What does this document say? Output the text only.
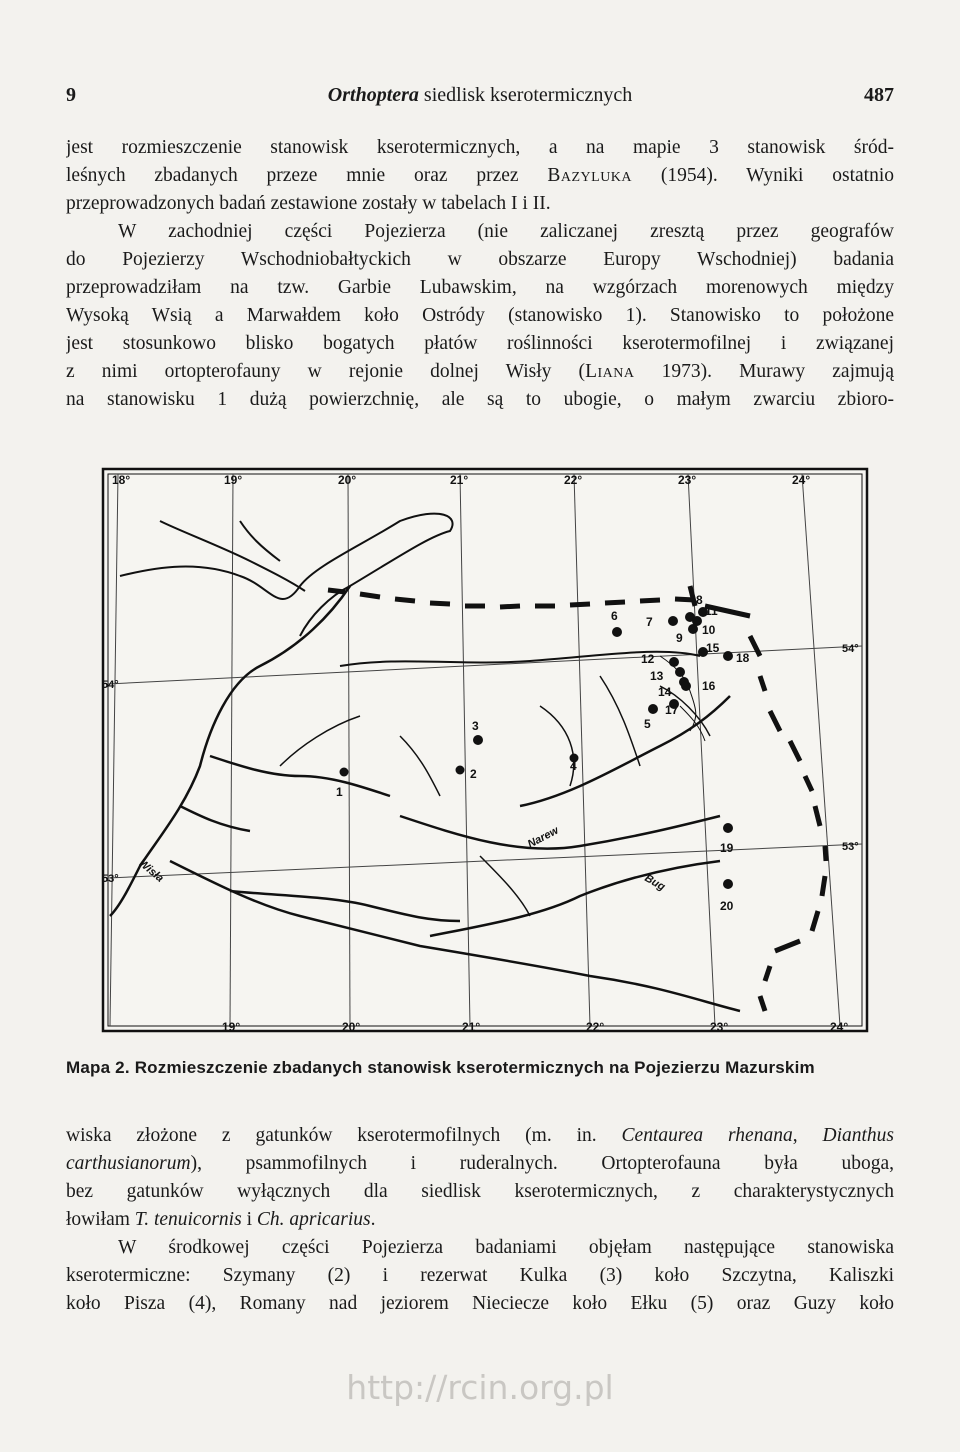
9	Orthoptera siedlisk kserotermicznych	487
jest rozmieszczenie stanowisk kserotermicznych, a na mapie 3 stanowisk śród-
leśnych zbadanych przeze mnie oraz przez Bazyluka (1954). Wyniki ostatnio
przeprowadzonych badań zestawione zostały w tabelach I i II.
W zachodniej części Pojezierza (nie zaliczanej zresztą przez geografów
do Pojezierzy Wschodniobałtyckich w obszarze Europy Wschodniej) badania
przeprowadziłam na tzw. Garbie Lubawskim, na wzgórzach morenowych między
Wysoką Wsią a Marwałdem koło Ostródy (stanowisko 1). Stanowisko to położone
jest stosunkowo blisko bogatych płatów roślinności kserotermofilnej i związanej
z nimi ortopterofauny w rejonie dolnej Wisły (Liana 1973). Murawy zajmują
na stanowisku 1 dużą powierzchnię, ale są to ubogie, o małym zwarciu zbioro-
18°	19°	20°	21°	22°	23°	24°
19°	20°	21°	22°	23°	24°
54°
54°
53°
53°
1
2
3
4
5
6 7
8
9
10
11
12
13
14
15
16
17
18
19
20
Wisła
Narew
Bug
Mapa 2. Rozmieszczenie zbadanych stanowisk kserotermicznych na Pojezierzu Mazurskim
wiska złożone z gatunków kserotermofilnych (m. in. Centaurea rhenana, Dianthus
carthusianorum), psammofilnych i ruderalnych. Ortopterofauna była uboga,
bez gatunków wyłącznych dla siedlisk kserotermicznych, z charakterystycznych
łowiłam T. tenuicornis i Ch. apricarius.
W środkowej części Pojezierza badaniami objęłam następujące stanowiska
kserotermiczne: Szymany (2) i rezerwat Kulka (3) koło Szczytna, Kaliszki
koło Pisza (4), Romany nad jeziorem Nieciecze koło Ełku (5) oraz Guzy koło
http://rcin.org.pl
